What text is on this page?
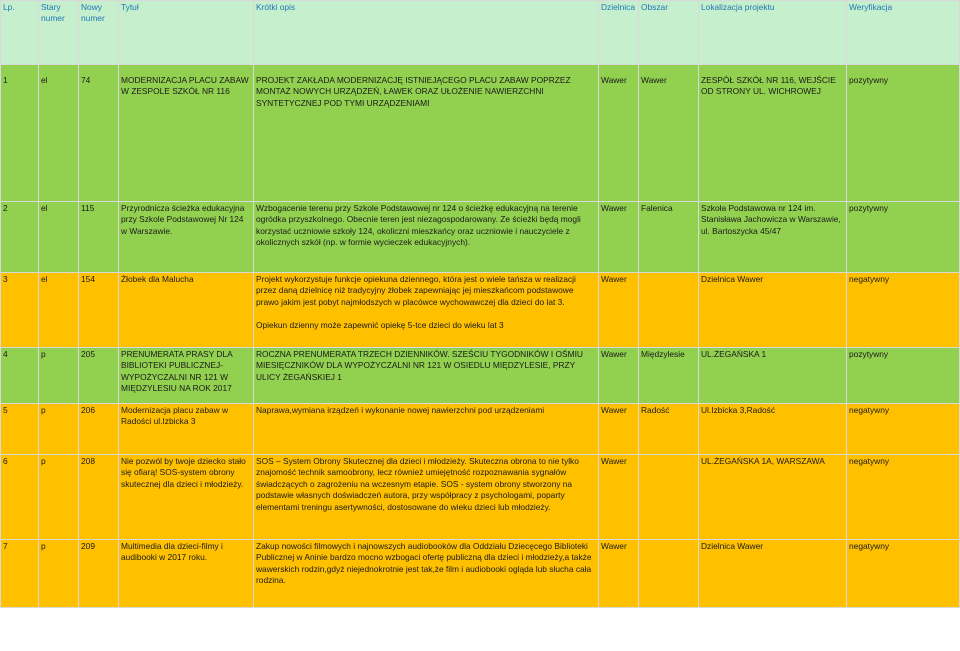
Lp.	Stary numer	Nowy numer	Tytuł	Krótki opis	Dzielnica	Obszar	Lokalizacja projektu	Weryfikacja
1	el	74	MODERNIZACJA PLACU ZABAW W ZESPOLE SZKÓŁ NR 116	PROJEKT ZAKŁADA MODERNIZACJĘ ISTNIEJĄCEGO PLACU ZABAW POPRZEZ MONTAŻ NOWYCH URZĄDZEŃ, ŁAWEK ORAZ UŁOŻENIE NAWIERZCHNI SYNTETYCZNEJ POD TYMI URZĄDZENIAMI	Wawer	Wawer	ZESPÓŁ SZKÓŁ NR 116, WEJŚCIE OD STRONY UL. WICHROWEJ	pozytywny
2	el	115	Przyrodnicza ścieżka edukacyjna przy Szkole Podstawowej Nr 124 w Warszawie.	Wzbogacenie terenu przy Szkole Podstawowej nr 124 o ścieżkę edukacyjną na terenie ogródka przyszkolnego. Obecnie teren jest niezagospodarowany. Ze ścieżki będą mogli korzystać uczniowie szkoły 124, okoliczni mieszkańcy oraz uczniowie i nauczyciele z okolicznych szkół (np. w formie wycieczek edukacyjnych).	Wawer	Falenica	Szkoła Podstawowa nr 124 im. Stanisława Jachowicza w Warszawie, ul. Bartoszycka 45/47	pozytywny
3	el	154	Żłobek dla Malucha	Projekt wykorzystuje funkcje opiekuna dziennego, która jest o wiele tańsza w realizacji przez daną dzielnicę niż tradycyjny żłobek zapewniając jej mieszkańcom podstawowe prawo jakim jest pobyt najmłodszych w placówce wychowawczej dla dzieci do lat 3.
Opiekun dzienny może zapewnić opiekę 5-tce dzieci do wieku lat 3	Wawer		Dzielnica Wawer	negatywny
4	p	205	PRENUMERATA PRASY DLA BIBLIOTEKI PUBLICZNEJ-WYPOŻYCZALNI NR 121 W MIĘDZYLESIU NA ROK 2017	ROCZNA PRENUMERATA TRZECH DZIENNIKÓW. SZEŚCIU TYGODNIKÓW I OŚMIU MIESIĘCZNIKÓW DLA WYPOŻYCZALNI NR 121 W OSIEDLU MIĘDZYLESIE, PRZY ULICY ŻEGAŃSKIEJ 1	Wawer	Międzylesie	UL.ŻEGAŃSKA 1	pozytywny
5	p	206	Modernizacja placu zabaw w Radości ul.Izbicka 3	Naprawa,wymiana irządzeń i wykonanie nowej nawierzchni pod urządzeniami	Wawer	Radość	Ul.Izbicka 3,Radość	negatywny
6	p	208	Nie pozwól by twoje dziecko stało się ofiarą! SOS-system obrony skutecznej dla dzieci i młodzieży.	SOS – System Obrony Skutecznej dla dzieci i młodzieży. Skuteczna obrona to nie tylko znajomość technik samoobrony, lecz również umiejętność rozpoznawania sygnałów świadczących o zagrożeniu na wczesnym etapie. SOS - system obrony stworzony na podstawie własnych doświadczeń autora, przy współpracy z psychologami, poparty elementami treningu asertywności, dostosowane do wieku dzieci lub młodzieży.	Wawer		UL.ŻEGAŃSKA 1A, WARSZAWA	negatywny
7	p	209	Multimedia dla dzieci-filmy i audibooki w 2017 roku.	Zakup nowości filmowych i najnowszych audiobooków dla Oddziału Dziecęcego Biblioteki Publicznej w Aninie bardzo mocno wzbogaci ofertę publiczną dla dzieci i młodzieży,a także wawerskich rodzin,gdyż niejednokrotnie jest tak,że film i audiobooki ogląda lub słucha cała rodzina.	Wawer		Dzielnica Wawer	negatywny
